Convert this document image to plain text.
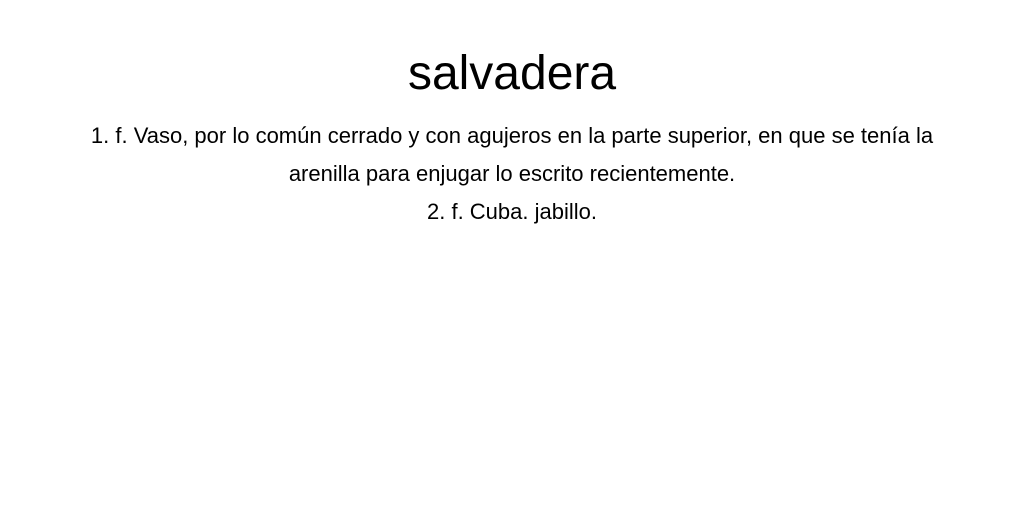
salvadera

1. f. Vaso, por lo común cerrado y con agujeros en la parte superior, en que se tenía la arenilla para enjugar lo escrito recientemente.

2. f. Cuba. jabillo.
